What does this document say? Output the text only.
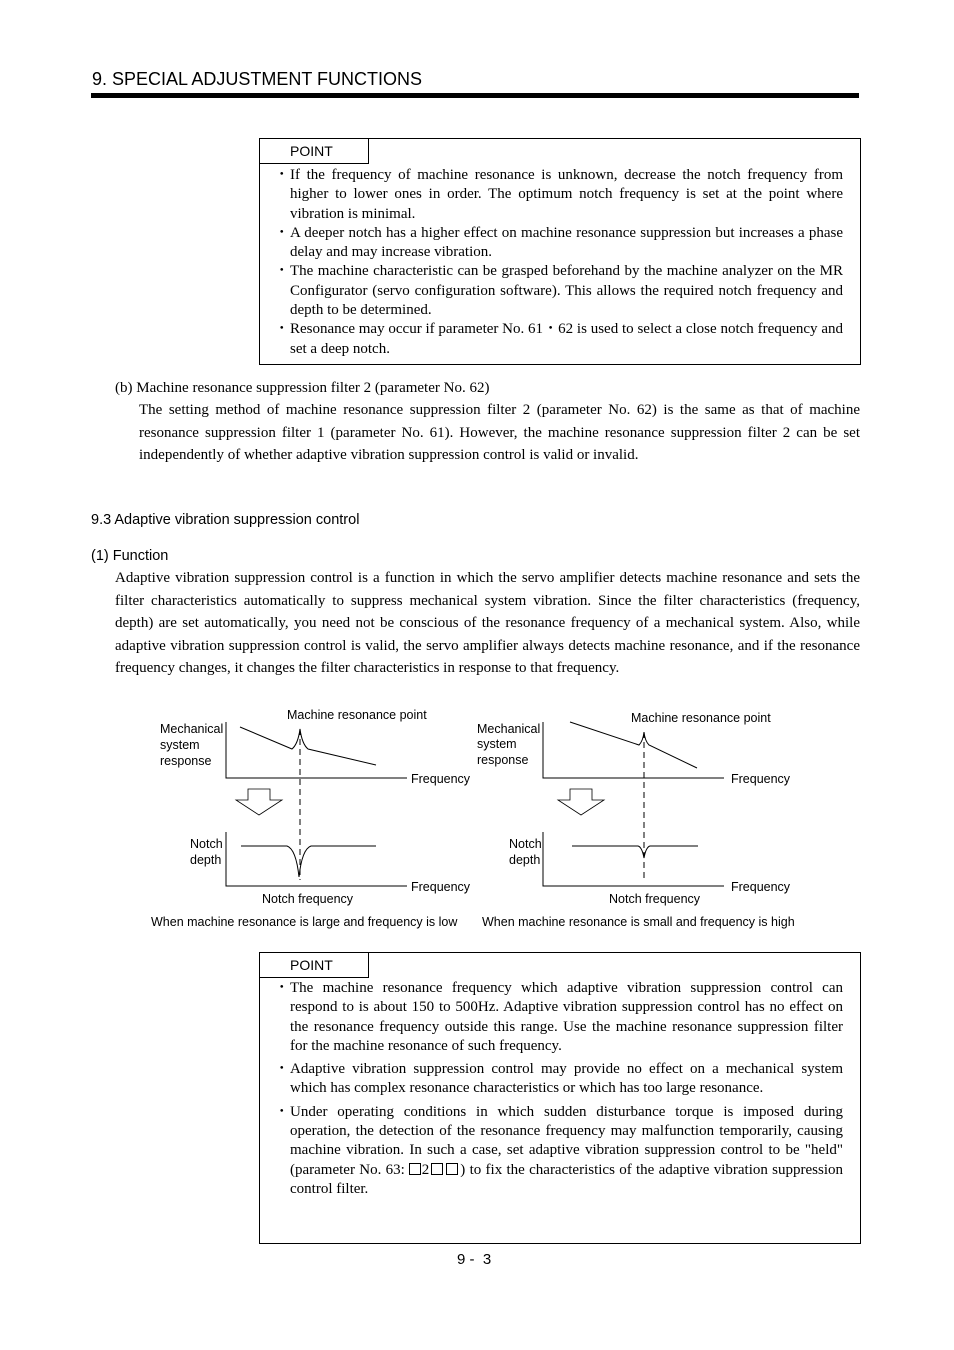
9. SPECIAL ADJUSTMENT FUNCTIONS
POINT
･ If the frequency of machine resonance is unknown, decrease the notch frequency from higher to lower ones in order. The optimum notch frequency is set at the point where vibration is minimal.
･ A deeper notch has a higher effect on machine resonance suppression but increases a phase delay and may increase vibration.
･ The machine characteristic can be grasped beforehand by the machine analyzer on the MR Configurator (servo configuration software). This allows the required notch frequency and depth to be determined.
･ Resonance may occur if parameter No. 61・62 is used to select a close notch frequency and set a deep notch.
(b) Machine resonance suppression filter 2 (parameter No. 62)
The setting method of machine resonance suppression filter 2 (parameter No. 62) is the same as that of machine resonance suppression filter 1 (parameter No. 61). However, the machine resonance suppression filter 2 can be set independently of whether adaptive vibration suppression control is valid or invalid.
9.3 Adaptive vibration suppression control
(1) Function
Adaptive vibration suppression control is a function in which the servo amplifier detects machine resonance and sets the filter characteristics automatically to suppress mechanical system vibration. Since the filter characteristics (frequency, depth) are set automatically, you need not be conscious of the resonance frequency of a mechanical system. Also, while adaptive vibration suppression control is valid, the servo amplifier always detects machine resonance, and if the resonance frequency changes, it changes the filter characteristics in response to that frequency.
Machine resonance point
Mechanical
system
response
Frequency
Notch
depth
Frequency
Notch frequency
When machine resonance is large and frequency is low
Machine resonance point
Mechanical
system
response
Frequency
Notch
depth
Frequency
Notch frequency
When machine resonance is small and frequency is high
POINT
･ The machine resonance frequency which adaptive vibration suppression control can respond to is about 150 to 500Hz. Adaptive vibration suppression control has no effect on the resonance frequency outside this range. Use the machine resonance suppression filter for the machine resonance of such frequency.
･ Adaptive vibration suppression control may provide no effect on a mechanical system which has complex resonance characteristics or which has too large resonance.
･ Under operating conditions in which sudden disturbance torque is imposed during operation, the detection of the resonance frequency may malfunction temporarily, causing machine vibration. In such a case, set adaptive vibration suppression control to be "held" (parameter No. 63: 2 ) to fix the characteristics of the adaptive vibration suppression control filter.
9 -  3
